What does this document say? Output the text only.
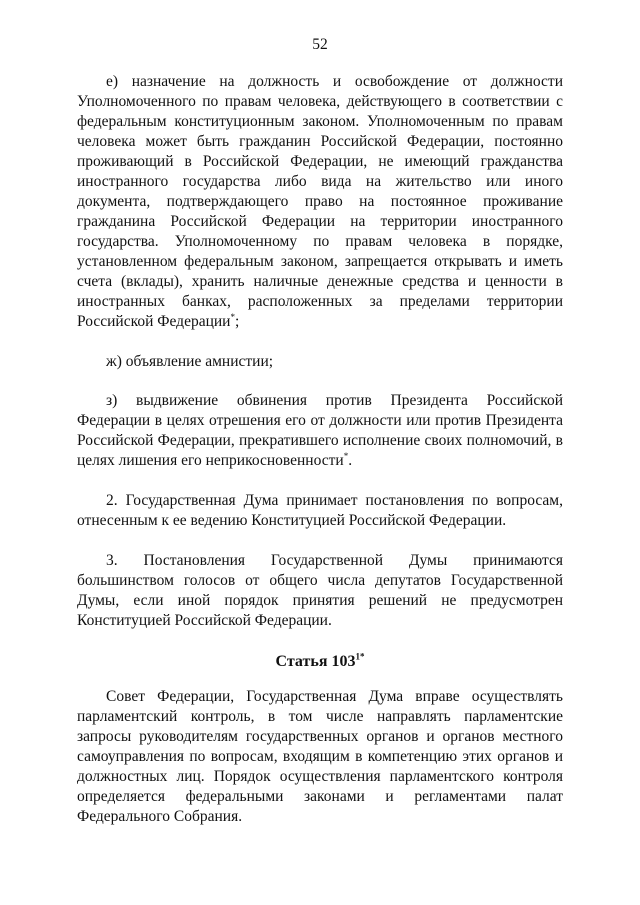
52

е) назначение на должность и освобождение от должности Уполномоченного по правам человека, действующего в соответствии с федеральным конституционным законом. Уполномоченным по правам человека может быть гражданин Российской Федерации, постоянно проживающий в Российской Федерации, не имеющий гражданства иностранного государства либо вида на жительство или иного документа, подтверждающего право на постоянное проживание гражданина Российской Федерации на территории иностранного государства. Уполномоченному по правам человека в порядке, установленном федеральным законом, запрещается открывать и иметь счета (вклады), хранить наличные денежные средства и ценности в иностранных банках, расположенных за пределами территории Российской Федерации*;

ж) объявление амнистии;

з) выдвижение обвинения против Президента Российской Федерации в целях отрешения его от должности или против Президента Российской Федерации, прекратившего исполнение своих полномочий, в целях лишения его неприкосновенности*.

2. Государственная Дума принимает постановления по вопросам, отнесенным к ее ведению Конституцией Российской Федерации.

3. Постановления Государственной Думы принимаются большинством голосов от общего числа депутатов Государственной Думы, если иной порядок принятия решений не предусмотрен Конституцией Российской Федерации.

Статья $103^{1*}$

Совет Федерации, Государственная Дума вправе осуществлять парламентский контроль, в том числе направлять парламентские запросы руководителям государственных органов и органов местного самоуправления по вопросам, входящим в компетенцию этих органов и должностных лиц. Порядок осуществления парламентского контроля определяется федеральными законами и регламентами палат Федерального Собрания.
